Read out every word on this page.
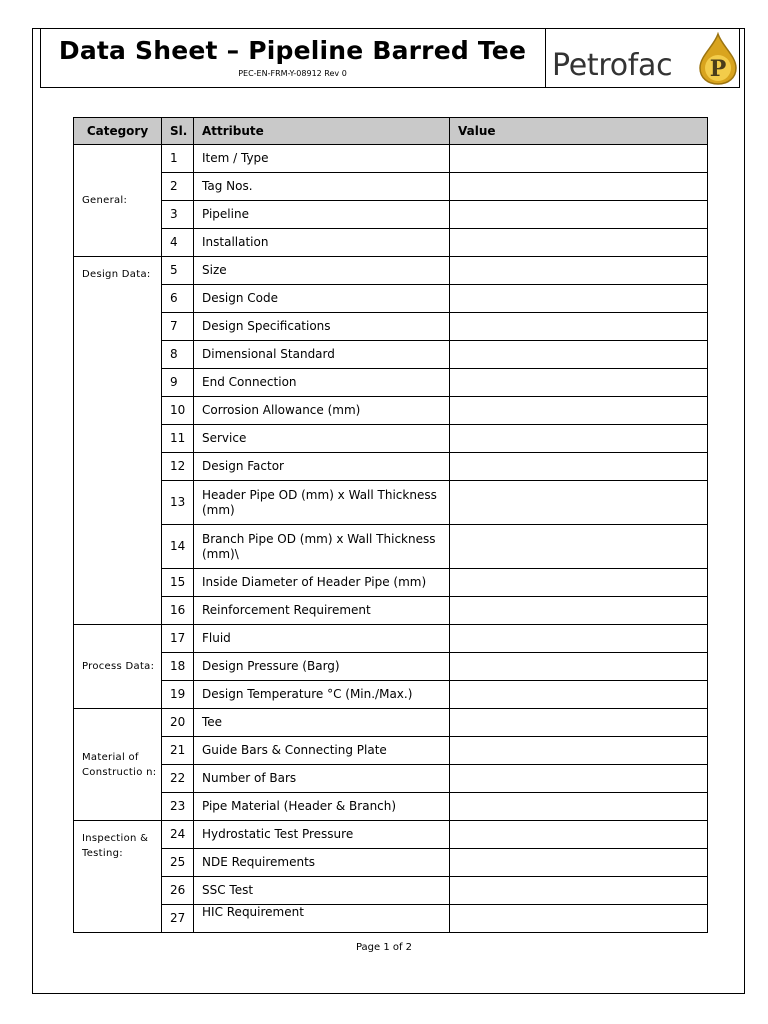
Data Sheet – Pipeline Barred Tee
PEC-EN-FRM-Y-08912 Rev 0	Petrofac P
Category	Sl.	Attribute	Value
General:	1	Item / Type	
	2	Tag Nos.	
	3	Pipeline	
	4	Installation	
Design Data:	5	Size	
	6	Design Code	
	7	Design Specifications	
	8	Dimensional Standard	
	9	End Connection	
	10	Corrosion Allowance (mm)	
	11	Service	
	12	Design Factor	
	13	Header Pipe OD (mm) x Wall Thickness (mm)	
	14	Branch Pipe OD (mm) x Wall Thickness (mm)\	
	15	Inside Diameter of Header Pipe (mm)	
	16	Reinforcement Requirement	
Process Data:	17	Fluid	
	18	Design Pressure (Barg)	
	19	Design Temperature °C (Min./Max.)	
Material of Constructio n:	20	Tee	
	21	Guide Bars & Connecting Plate	
	22	Number of Bars	
	23	Pipe Material (Header & Branch)	
Inspection & Testing:	24	Hydrostatic Test Pressure	
	25	NDE Requirements	
	26	SSC Test	
	27	HIC Requirement	
Page 1 of 2
